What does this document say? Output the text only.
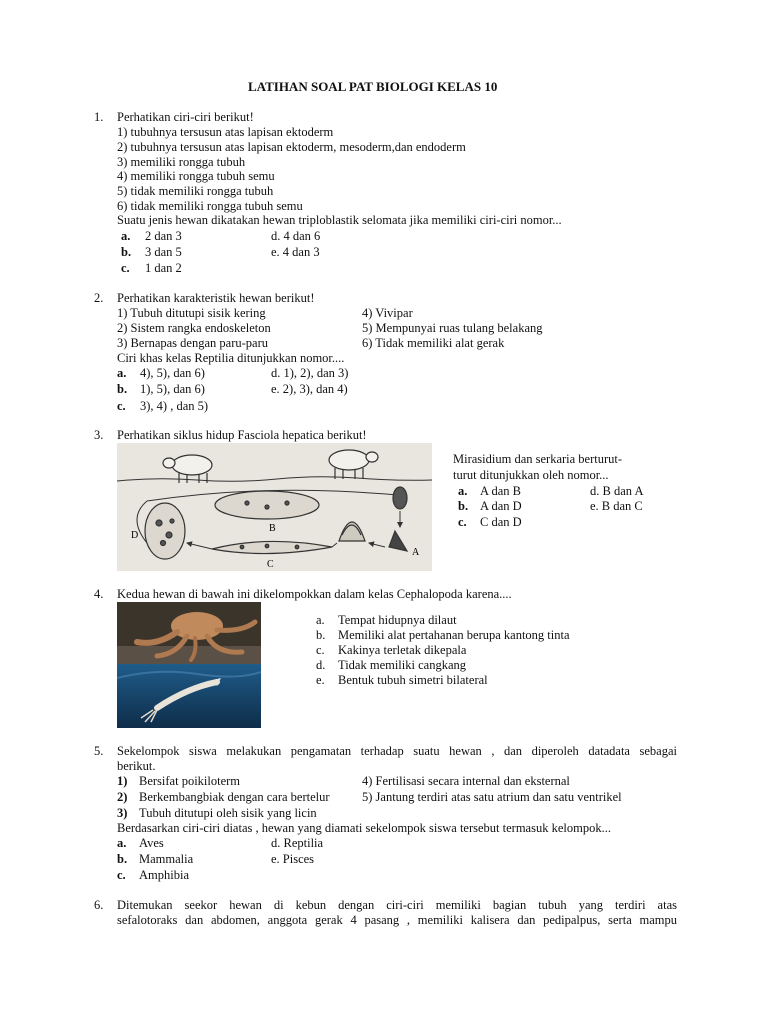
LATIHAN SOAL PAT BIOLOGI KELAS 10
1. Perhatikan ciri-ciri berikut!
1) tubuhnya tersusun atas lapisan ektoderm
2) tubuhnya tersusun atas lapisan ektoderm, mesoderm,dan endoderm
3) memiliki rongga tubuh
4) memiliki rongga tubuh semu
5) tidak memiliki rongga tubuh
6) tidak memiliki rongga tubuh semu
Suatu jenis hewan dikatakan hewan triploblastik selomata jika memiliki ciri-ciri nomor...
a. 2 dan 3	d. 4 dan 6
b. 3 dan 5	e. 4 dan 3
c. 1 dan 2
2. Perhatikan karakteristik hewan berikut!
1) Tubuh ditutupi sisik kering
2) Sistem rangka endoskeleton
3) Bernapas dengan paru-paru
4) Vivipar
5) Mempunyai ruas tulang belakang
6) Tidak memiliki alat gerak
Ciri khas kelas Reptilia ditunjukkan nomor....
a. 4), 5), dan 6)	d. 1), 2), dan 3)
b. 1), 5), dan 6)	e. 2), 3), dan 4)
c. 3), 4) , dan 5)
3. Perhatikan siklus hidup Fasciola hepatica berikut!
A
B
C
D
Mirasidium dan serkaria berturut-
turut ditunjukkan oleh nomor...
a. A dan B	d. B dan A
b. A dan D	e. B dan C
c. C dan D
4. Kedua hewan di bawah ini dikelompokkan dalam kelas Cephalopoda karena....
a. Tempat hidupnya dilaut
b. Memiliki alat pertahanan berupa kantong tinta
c. Kakinya terletak dikepala
d. Tidak memiliki cangkang
e. Bentuk tubuh simetri bilateral
5. Sekelompok siswa melakukan pengamatan terhadap suatu hewan , dan diperoleh datadata sebagai
berikut.
1) Bersifat poikiloterm
2) Berkembangbiak dengan cara bertelur
3) Tubuh ditutupi oleh sisik yang licin
4) Fertilisasi secara internal dan eksternal
5) Jantung terdiri atas satu atrium dan satu ventrikel
Berdasarkan ciri-ciri diatas , hewan yang diamati sekelompok siswa tersebut termasuk kelompok...
a. Aves	d. Reptilia
b. Mammalia	e. Pisces
c. Amphibia
6. Ditemukan seekor hewan di kebun dengan ciri-ciri memiliki bagian tubuh yang terdiri atas
sefalotoraks dan abdomen, anggota gerak 4 pasang , memiliki kalisera dan pedipalpus, serta mampu
